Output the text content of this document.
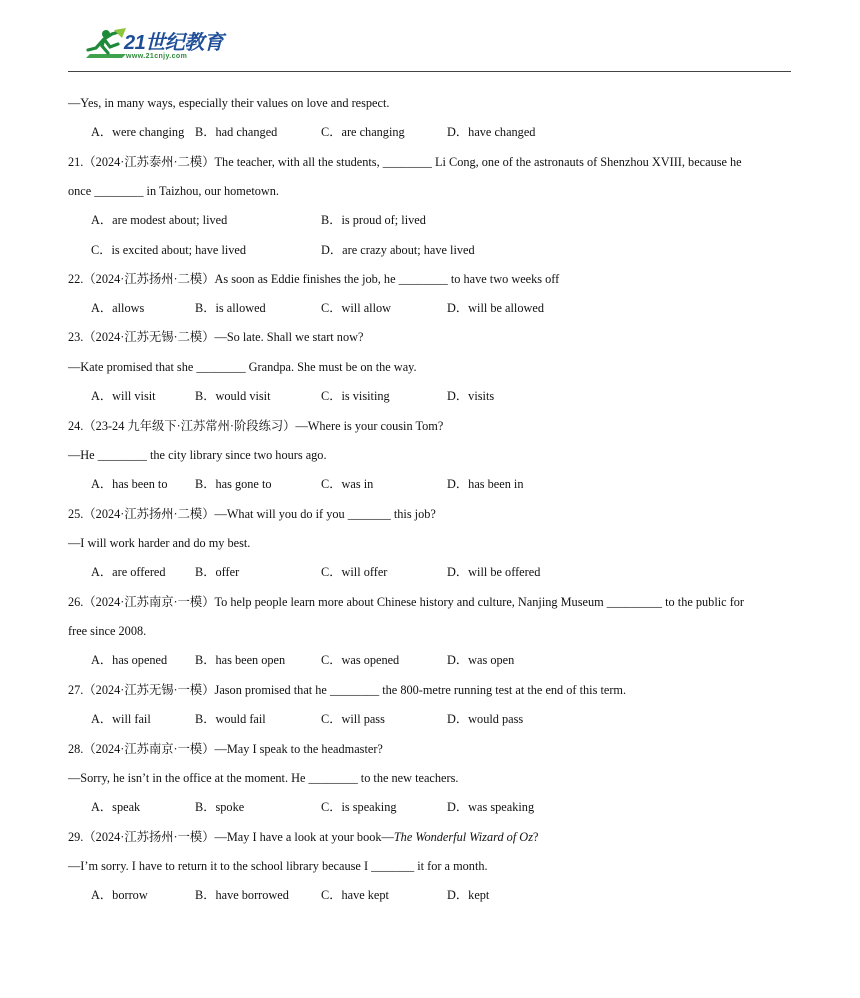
21世纪教育
www.21cnjy.com
—Yes, in many ways, especially their values on love and respect.
A．were changing B．had changed	C．are changing	D．have changed
21.（2024·江苏泰州·二模）The teacher, with all the students, ________ Li Cong, one of the astronauts of Shenzhou XVIII, because he
once ________ in Taizhou, our hometown.
A．are modest about; lived	B．is proud of; lived
C．is excited about; have lived	D．are crazy about; have lived
22.（2024·江苏扬州·二模）As soon as Eddie finishes the job, he ________ to have two weeks off
A．allows	B．is allowed	C．will allow	D．will be allowed
23.（2024·江苏无锡·二模）—So late. Shall we start now?
—Kate promised that she ________ Grandpa. She must be on the way.
A．will visit	B．would visit	C．is visiting	D．visits
24.（23-24 九年级下·江苏常州·阶段练习）—Where is your cousin Tom?
—He ________ the city library since two hours ago.
A．has been to B．has gone to	C．was in	D．has been in
25.（2024·江苏扬州·二模）—What will you do if you _______ this job?
—I will work harder and do my best.
A．are offered B．offer	C．will offer	D．will be offered
26.（2024·江苏南京·一模）To help people learn more about Chinese history and culture, Nanjing Museum _________ to the public for
free since 2008.
A．has opened B．has been open	C．was opened	D．was open
27.（2024·江苏无锡·一模）Jason promised that he ________ the 800-metre running test at the end of this term.
A．will fail	B．would fail	C．will pass	D．would pass
28.（2024·江苏南京·一模）—May I speak to the headmaster?
—Sorry, he isn’t in the office at the moment. He ________ to the new teachers.
A．speak	B．spoke	C．is speaking	D．was speaking
29.（2024·江苏扬州·一模）—May I have a look at your book—The Wonderful Wizard of Oz?
—I’m sorry. I have to return it to the school library because I _______ it for a month.
A．borrow	B．have borrowed	C．have kept	D．kept
